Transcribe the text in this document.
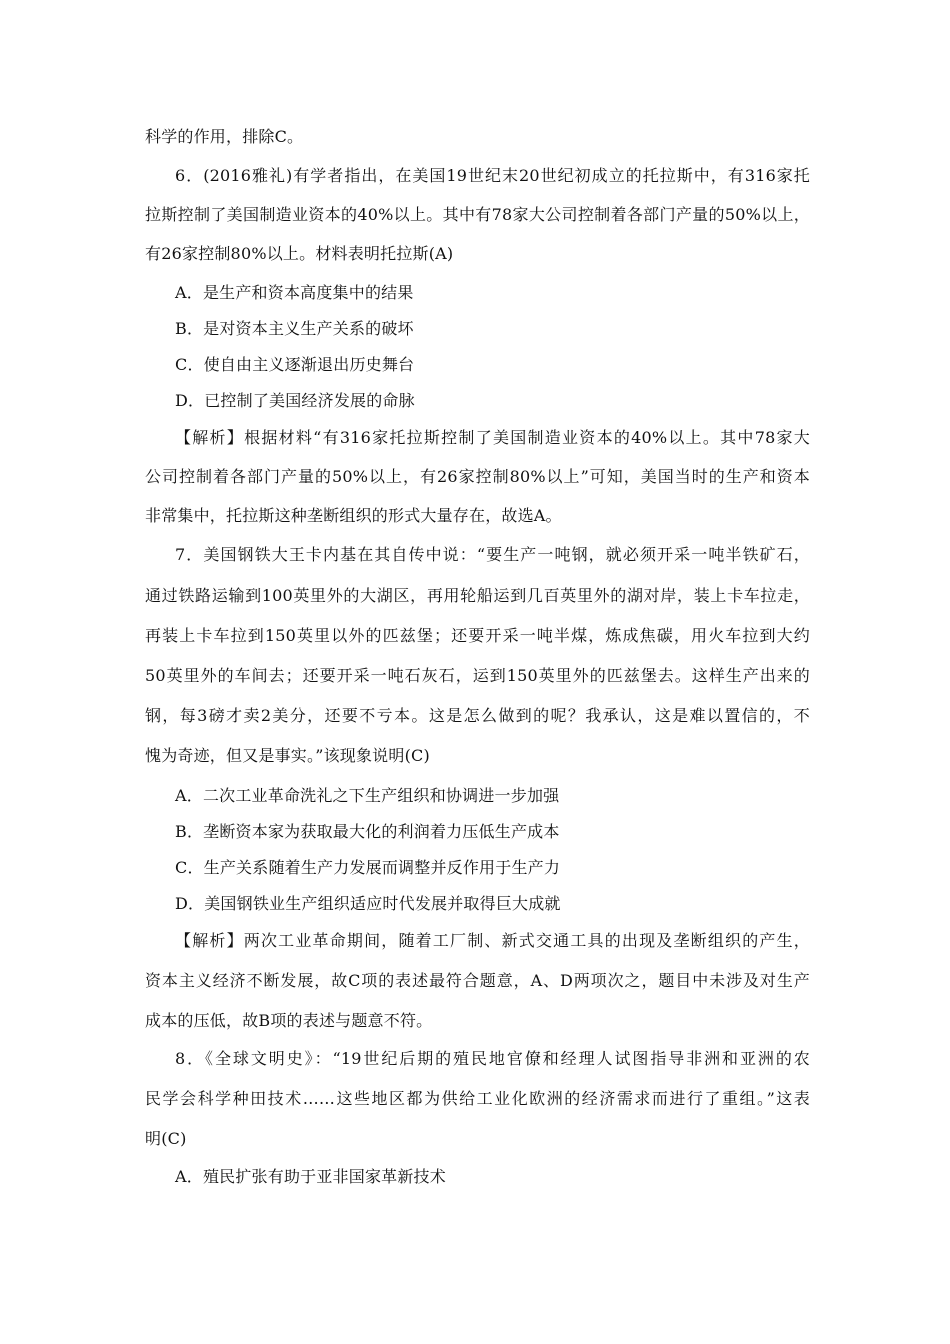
科学的作用，排除C。
6．(2016雅礼)有学者指出，在美国19世纪末20世纪初成立的托拉斯中，有316家托
拉斯控制了美国制造业资本的40%以上。其中有78家大公司控制着各部门产量的50%以上，
有26家控制80%以上。材料表明托拉斯(A)
A．是生产和资本高度集中的结果
B．是对资本主义生产关系的破坏
C．使自由主义逐渐退出历史舞台
D．已控制了美国经济发展的命脉
【解析】根据材料“有316家托拉斯控制了美国制造业资本的40%以上。其中78家大
公司控制着各部门产量的50%以上，有26家控制80%以上”可知，美国当时的生产和资本
非常集中，托拉斯这种垄断组织的形式大量存在，故选A。
7．美国钢铁大王卡内基在其自传中说：“要生产一吨钢，就必须开采一吨半铁矿石，
通过铁路运输到100英里外的大湖区，再用轮船运到几百英里外的湖对岸，装上卡车拉走，
再装上卡车拉到150英里以外的匹兹堡；还要开采一吨半煤，炼成焦碳，用火车拉到大约
50英里外的车间去；还要开采一吨石灰石，运到150英里外的匹兹堡去。这样生产出来的
钢，每3磅才卖2美分，还要不亏本。这是怎么做到的呢？我承认，这是难以置信的，不
愧为奇迹，但又是事实。”该现象说明(C)
A．二次工业革命洗礼之下生产组织和协调进一步加强
B．垄断资本家为获取最大化的利润着力压低生产成本
C．生产关系随着生产力发展而调整并反作用于生产力
D．美国钢铁业生产组织适应时代发展并取得巨大成就
【解析】两次工业革命期间，随着工厂制、新式交通工具的出现及垄断组织的产生，
资本主义经济不断发展，故C项的表述最符合题意，A、D两项次之，题目中未涉及对生产
成本的压低，故B项的表述与题意不符。
8．《全球文明史》：“19世纪后期的殖民地官僚和经理人试图指导非洲和亚洲的农
民学会科学种田技术……这些地区都为供给工业化欧洲的经济需求而进行了重组。”这表
明(C)
A．殖民扩张有助于亚非国家革新技术
